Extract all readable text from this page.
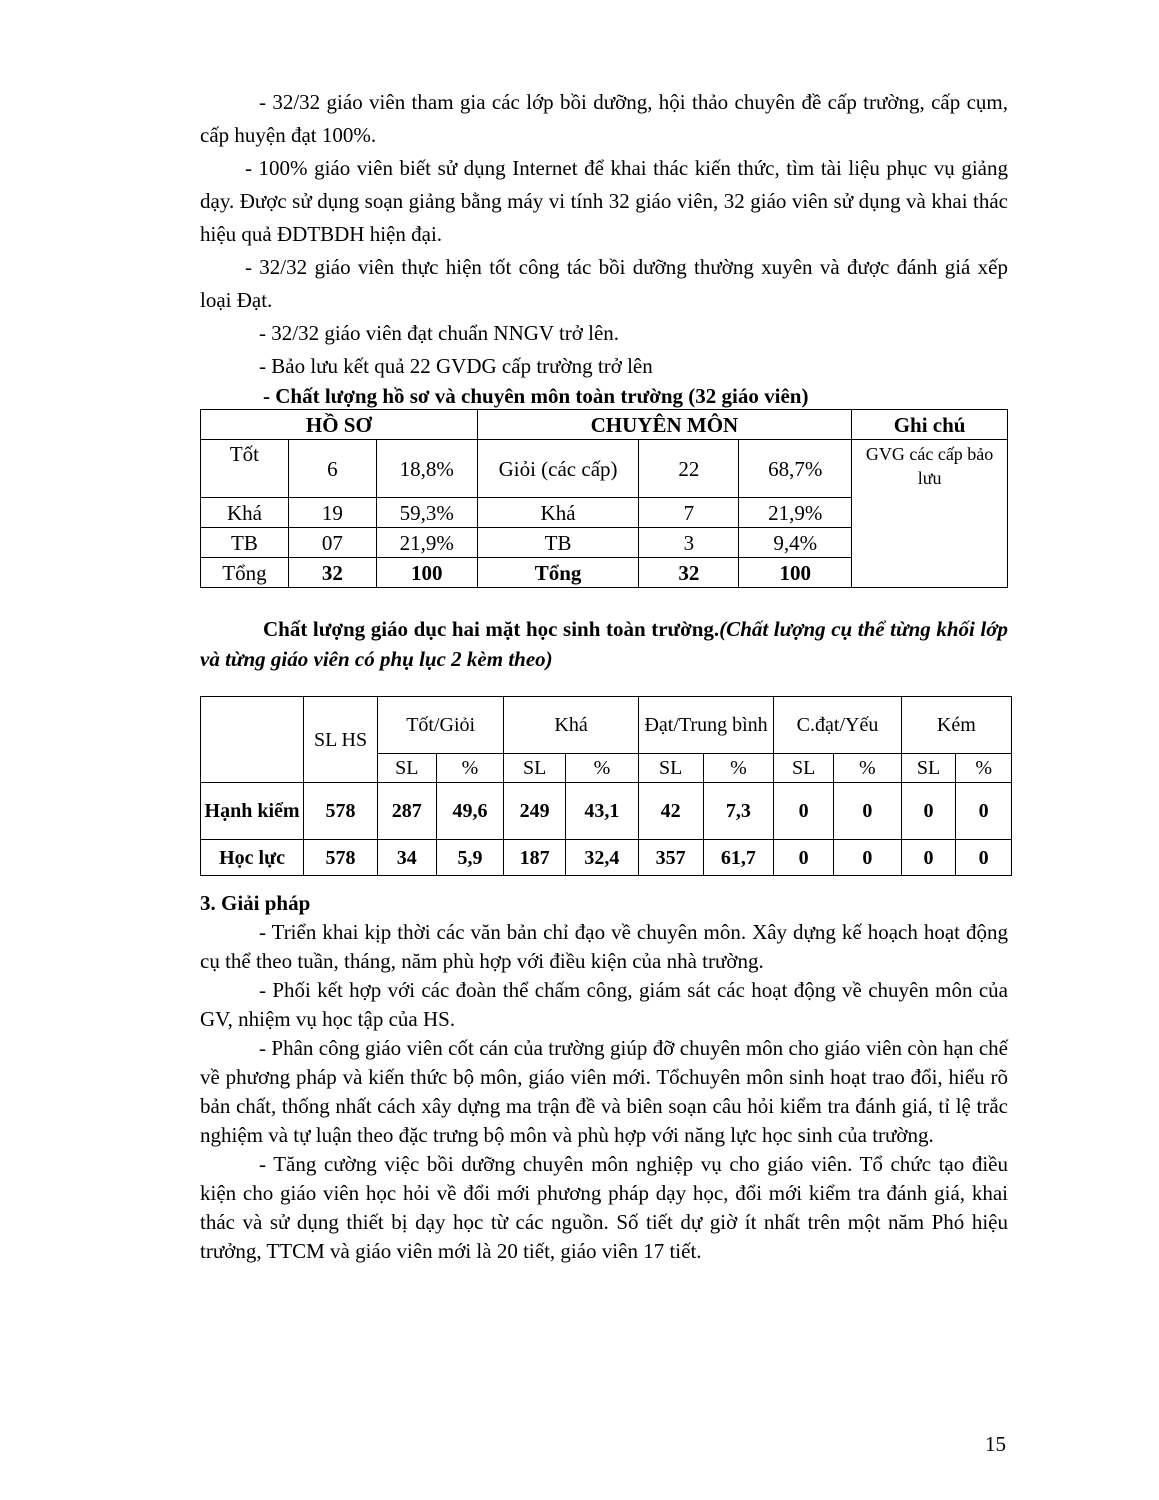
- 32/32 giáo viên tham gia các lớp bồi dưỡng, hội thảo chuyên đề cấp trường, cấp cụm, cấp huyện đạt 100%.

- 100% giáo viên biết sử dụng Internet để khai thác kiến thức, tìm tài liệu phục vụ giảng dạy. Được sử dụng soạn giảng bằng máy vi tính 32 giáo viên, 32 giáo viên sử dụng và khai thác hiệu quả ĐDTBDH hiện đại.

- 32/32 giáo viên thực hiện tốt công tác bồi dưỡng thường xuyên và được đánh giá xếp loại Đạt.

- 32/32 giáo viên đạt chuẩn NNGV trở lên.

- Bảo lưu kết quả 22 GVDG cấp trường trở lên

- Chất lượng hồ sơ và chuyên môn toàn trường (32 giáo viên)

HỒ SƠ			CHUYÊN MÔN			Ghi chú
Tốt	6	18,8%	Giỏi (các cấp)	22	68,7%	GVG các cấp bảo lưu
Khá	19	59,3%	Khá	7	21,9%	
TB	07	21,9%	TB	3	9,4%	
Tổng	32	100	Tổng	32	100	

Chất lượng giáo dục hai mặt học sinh toàn trường.(Chất lượng cụ thể từng khối lớp và từng giáo viên có phụ lục 2 kèm theo)

	SL HS	Tốt/Giỏi		Khá		Đạt/Trung bình		C.đạt/Yếu		Kém	
		SL	%	SL	%	SL	%	SL	%	SL	%
Hạnh kiểm	578	287	49,6	249	43,1	42	7,3	0	0	0	0
Học lực	578	34	5,9	187	32,4	357	61,7	0	0	0	0

3. Giải pháp

- Triển khai kịp thời các văn bản chỉ đạo về chuyên môn. Xây dựng kế hoạch hoạt động cụ thể theo tuần, tháng, năm phù hợp với điều kiện của nhà trường.

- Phối kết hợp với các đoàn thể chấm công, giám sát các hoạt động về chuyên môn của GV, nhiệm vụ học tập của HS.

- Phân công giáo viên cốt cán của trường giúp đỡ chuyên môn cho giáo viên còn hạn chế về phương pháp và kiến thức bộ môn, giáo viên mới. Tổchuyên môn sinh hoạt trao đổi, hiểu rõ bản chất, thống nhất cách xây dựng ma trận đề và biên soạn câu hỏi kiểm tra đánh giá, tỉ lệ trắc nghiệm và tự luận theo đặc trưng bộ môn và phù hợp với năng lực học sinh của trường.

- Tăng cường việc bồi dưỡng chuyên môn nghiệp vụ cho giáo viên. Tổ chức tạo điều kiện cho giáo viên học hỏi về đổi mới phương pháp dạy học, đổi mới kiểm tra đánh giá, khai thác và sử dụng thiết bị dạy học từ các nguồn. Số tiết dự giờ ít nhất trên một năm Phó hiệu trưởng, TTCM và giáo viên mới là 20 tiết, giáo viên 17 tiết.

15
